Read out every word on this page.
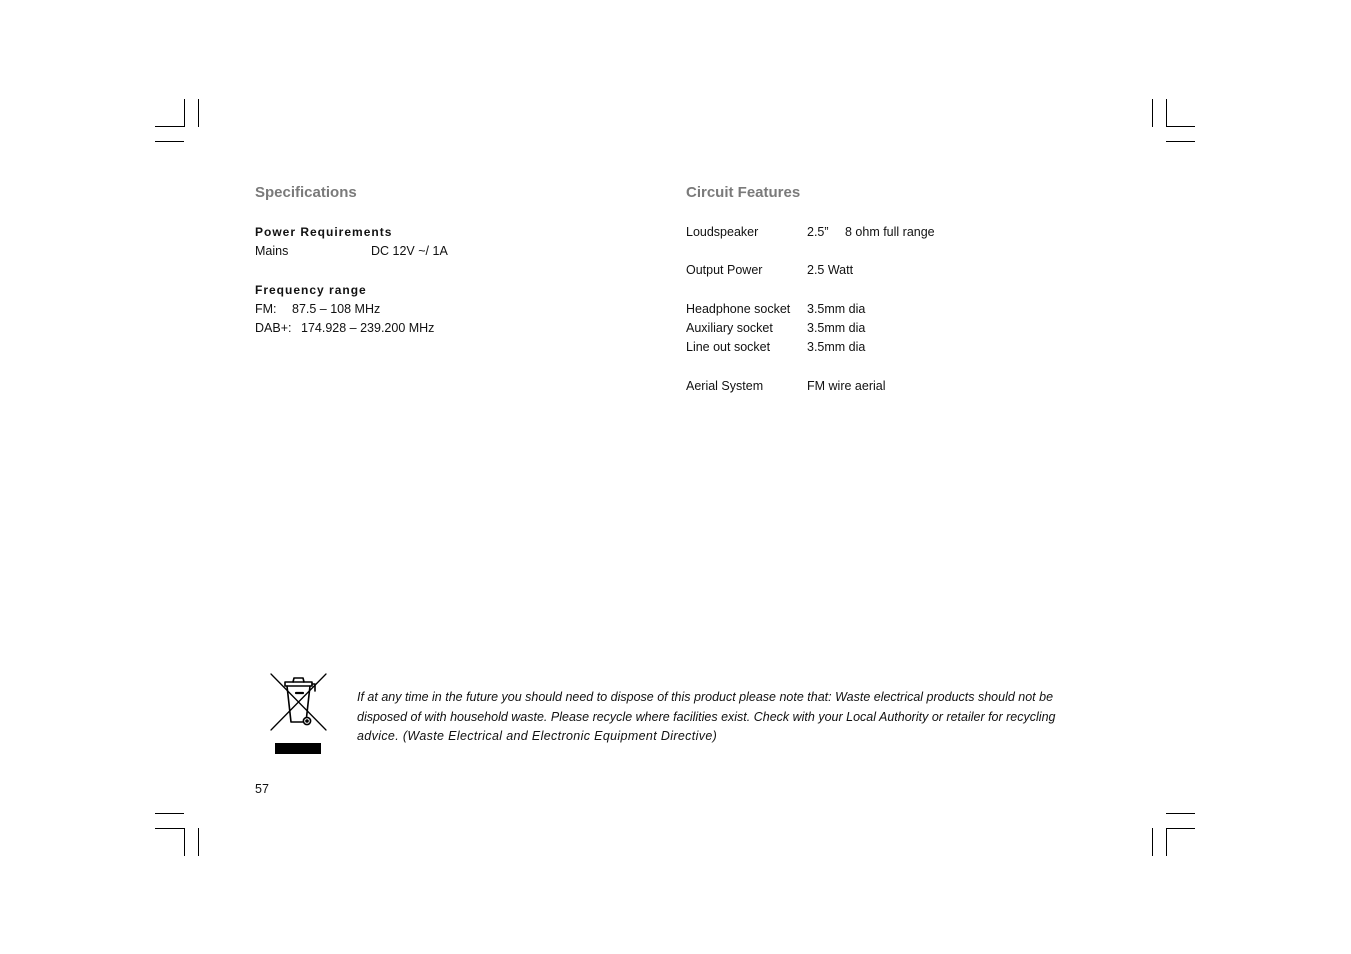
Specifications
Power Requirements
Mains	DC 12V ~/ 1A
Frequency range
FM: 87.5 – 108 MHz
DAB+: 174.928 – 239.200 MHz
Circuit Features
Loudspeaker	2.5” 8 ohm full range
Output Power	2.5 Watt
Headphone socket 3.5mm dia
Auxiliary socket	3.5mm dia
Line out socket	3.5mm dia
Aerial System	FM wire aerial
If at any time in the future you should need to dispose of this product please note that: Waste electrical products should not be
disposed of with household waste. Please recycle where facilities exist. Check with your Local Authority or retailer for recycling
advice. (Waste Electrical and Electronic Equipment Directive)
57
